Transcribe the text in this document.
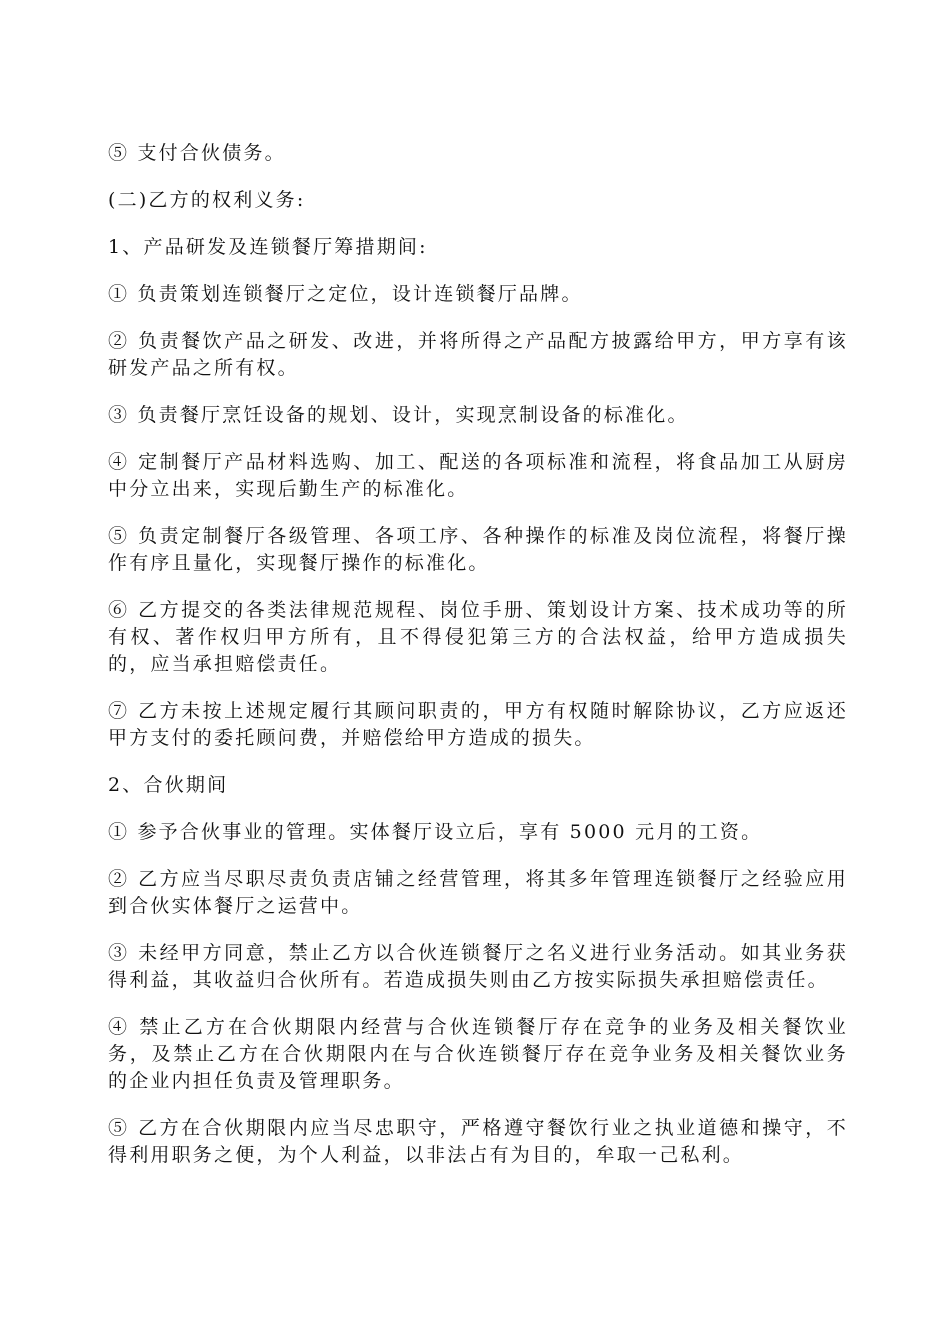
⑤ 支付合伙债务。

(二)乙方的权利义务:

1、产品研发及连锁餐厅筹措期间:

① 负责策划连锁餐厅之定位，设计连锁餐厅品牌。

② 负责餐饮产品之研发、改进，并将所得之产品配方披露给甲方，甲方享有该研发产品之所有权。

③ 负责餐厅烹饪设备的规划、设计，实现烹制设备的标准化。

④ 定制餐厅产品材料选购、加工、配送的各项标准和流程，将食品加工从厨房中分立出来，实现后勤生产的标准化。

⑤ 负责定制餐厅各级管理、各项工序、各种操作的标准及岗位流程，将餐厅操作有序且量化，实现餐厅操作的标准化。

⑥ 乙方提交的各类法律规范规程、岗位手册、策划设计方案、技术成功等的所有权、著作权归甲方所有，且不得侵犯第三方的合法权益，给甲方造成损失的，应当承担赔偿责任。

⑦ 乙方未按上述规定履行其顾问职责的，甲方有权随时解除协议，乙方应返还甲方支付的委托顾问费，并赔偿给甲方造成的损失。

2、合伙期间

① 参予合伙事业的管理。实体餐厅设立后，享有 5000 元月的工资。

② 乙方应当尽职尽责负责店铺之经营管理，将其多年管理连锁餐厅之经验应用到合伙实体餐厅之运营中。

③ 未经甲方同意，禁止乙方以合伙连锁餐厅之名义进行业务活动。如其业务获得利益，其收益归合伙所有。若造成损失则由乙方按实际损失承担赔偿责任。

④ 禁止乙方在合伙期限内经营与合伙连锁餐厅存在竞争的业务及相关餐饮业务，及禁止乙方在合伙期限内在与合伙连锁餐厅存在竞争业务及相关餐饮业务的企业内担任负责及管理职务。

⑤ 乙方在合伙期限内应当尽忠职守，严格遵守餐饮行业之执业道德和操守，不得利用职务之便，为个人利益，以非法占有为目的，牟取一己私利。
